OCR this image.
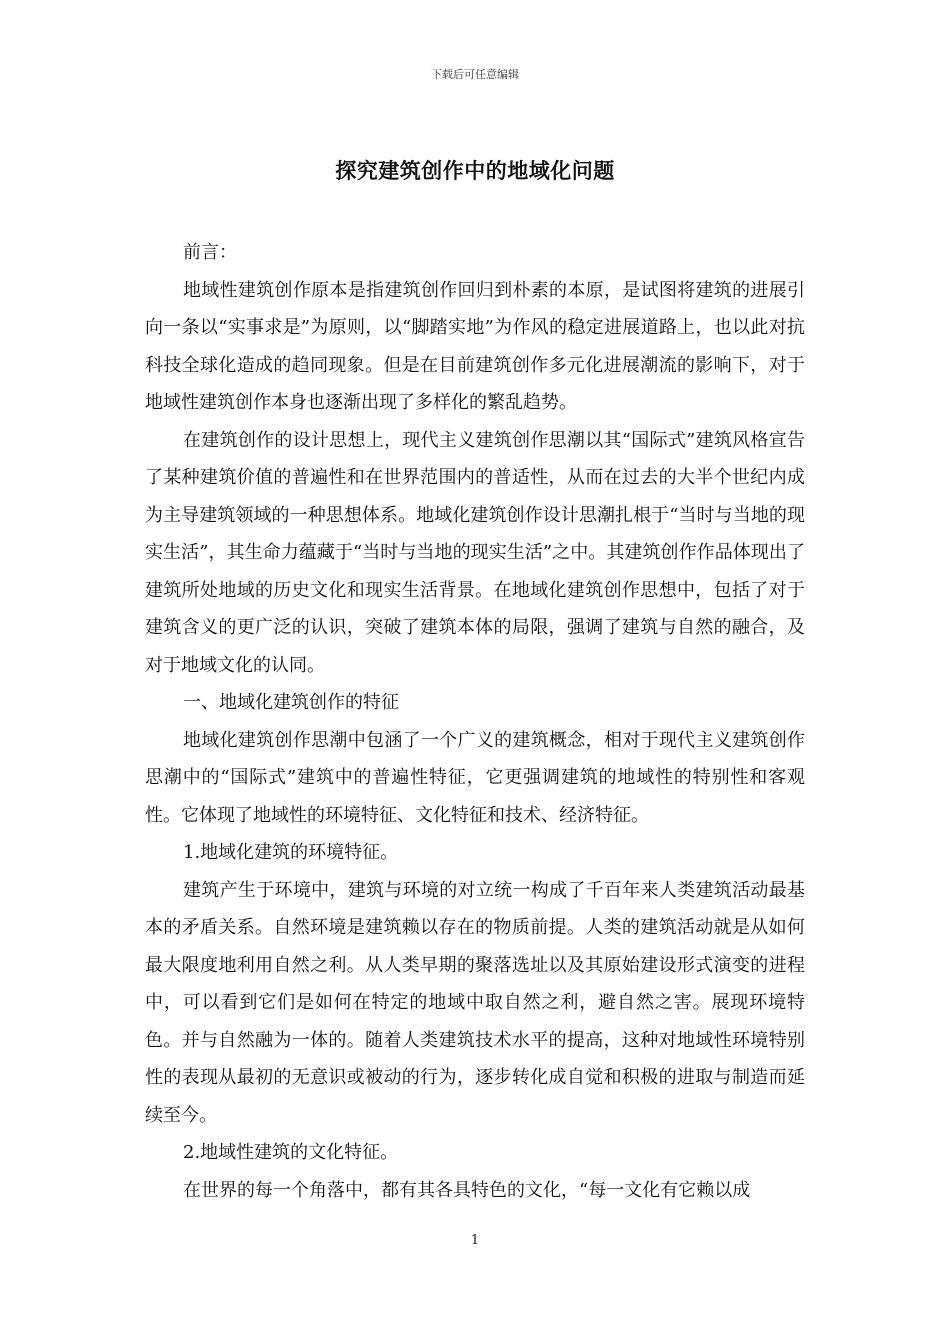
下载后可任意编辑
探究建筑创作中的地域化问题

前言：

地域性建筑创作原本是指建筑创作回归到朴素的本原，是试图将建筑的进展引向一条以“实事求是”为原则，以“脚踏实地”为作风的稳定进展道路上，也以此对抗科技全球化造成的趋同现象。但是在目前建筑创作多元化进展潮流的影响下，对于地域性建筑创作本身也逐渐出现了多样化的繁乱趋势。

在建筑创作的设计思想上，现代主义建筑创作思潮以其“国际式”建筑风格宣告了某种建筑价值的普遍性和在世界范围内的普适性，从而在过去的大半个世纪内成为主导建筑领域的一种思想体系。地域化建筑创作设计思潮扎根于“当时与当地的现实生活”，其生命力蕴藏于“当时与当地的现实生活”之中。其建筑创作作品体现出了建筑所处地域的历史文化和现实生活背景。在地域化建筑创作思想中，包括了对于建筑含义的更广泛的认识，突破了建筑本体的局限，强调了建筑与自然的融合，及对于地域文化的认同。

一、地域化建筑创作的特征

地域化建筑创作思潮中包涵了一个广义的建筑概念，相对于现代主义建筑创作思潮中的“国际式”建筑中的普遍性特征，它更强调建筑的地域性的特别性和客观性。它体现了地域性的环境特征、文化特征和技术、经济特征。

1.地域化建筑的环境特征。

建筑产生于环境中，建筑与环境的对立统一构成了千百年来人类建筑活动最基本的矛盾关系。自然环境是建筑赖以存在的物质前提。人类的建筑活动就是从如何最大限度地利用自然之利。从人类早期的聚落选址以及其原始建设形式演变的进程中，可以看到它们是如何在特定的地域中取自然之利，避自然之害。展现环境特色。并与自然融为一体的。随着人类建筑技术水平的提高，这种对地域性环境特别性的表现从最初的无意识或被动的行为，逐步转化成自觉和积极的进取与制造而延续至今。

2.地域性建筑的文化特征。

在世界的每一个角落中，都有其各具特色的文化，“每一文化有它赖以成

1
